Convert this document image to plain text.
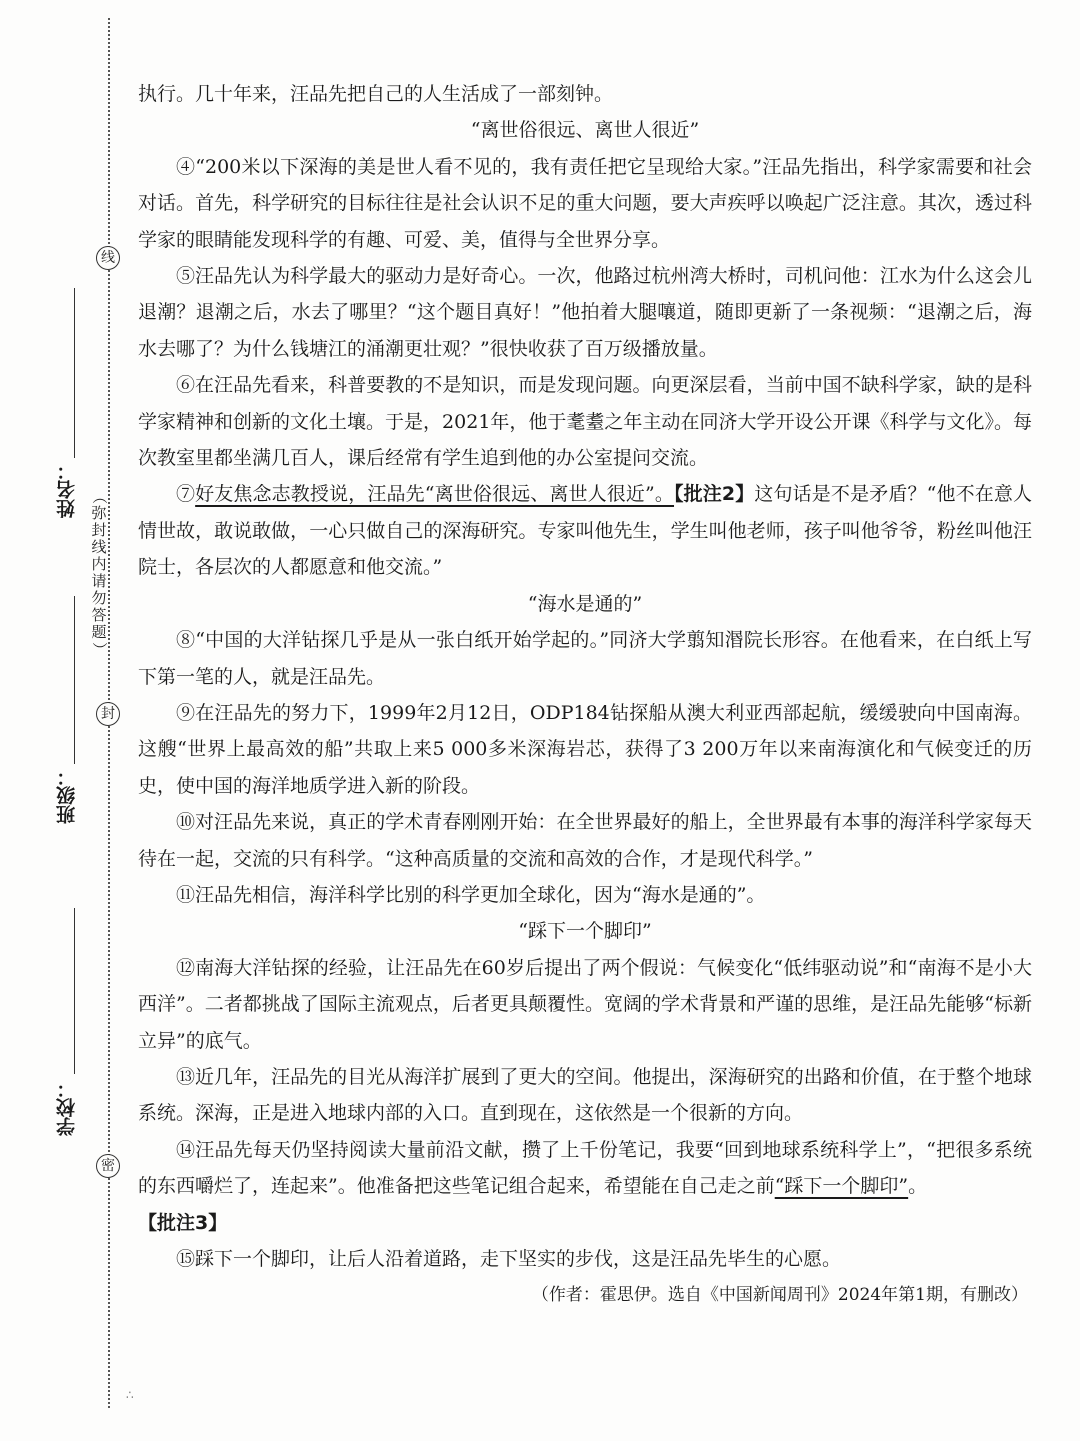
线
封
密
（
弥
封
线
内
请
勿
答
题
）
姓名：
班级：
学校：
∴

执行。几十年来，汪品先把自己的人生活成了一部刻钟。

“离世俗很远、离世人很近”

④“200米以下深海的美是世人看不见的，我有责任把它呈现给大家。”汪品先指出，科学家需要和社会对话。首先，科学研究的目标往往是社会认识不足的重大问题，要大声疾呼以唤起广泛注意。其次，透过科学家的眼睛能发现科学的有趣、可爱、美，值得与全世界分享。

⑤汪品先认为科学最大的驱动力是好奇心。一次，他路过杭州湾大桥时，司机问他：江水为什么这会儿退潮？退潮之后，水去了哪里？“这个题目真好！”他拍着大腿嚷道，随即更新了一条视频：“退潮之后，海水去哪了？为什么钱塘江的涌潮更壮观？”很快收获了百万级播放量。

⑥在汪品先看来，科普要教的不是知识，而是发现问题。向更深层看，当前中国不缺科学家，缺的是科学家精神和创新的文化土壤。于是，2021年，他于耄耋之年主动在同济大学开设公开课《科学与文化》。每次教室里都坐满几百人，课后经常有学生追到他的办公室提问交流。

⑦好友焦念志教授说，汪品先“离世俗很远、离世人很近”。【批注2】这句话是不是矛盾？“他不在意人情世故，敢说敢做，一心只做自己的深海研究。专家叫他先生，学生叫他老师，孩子叫他爷爷，粉丝叫他汪院士，各层次的人都愿意和他交流。”

“海水是通的”

⑧“中国的大洋钻探几乎是从一张白纸开始学起的。”同济大学翦知湣院长形容。在他看来，在白纸上写下第一笔的人，就是汪品先。

⑨在汪品先的努力下，1999年2月12日，ODP184钻探船从澳大利亚西部起航，缓缓驶向中国南海。这艘“世界上最高效的船”共取上来5 000多米深海岩芯，获得了3 200万年以来南海演化和气候变迁的历史，使中国的海洋地质学进入新的阶段。

⑩对汪品先来说，真正的学术青春刚刚开始：在全世界最好的船上，全世界最有本事的海洋科学家每天待在一起，交流的只有科学。“这种高质量的交流和高效的合作，才是现代科学。”

⑪汪品先相信，海洋科学比别的科学更加全球化，因为“海水是通的”。

“踩下一个脚印”

⑫南海大洋钻探的经验，让汪品先在60岁后提出了两个假说：气候变化“低纬驱动说”和“南海不是小大西洋”。二者都挑战了国际主流观点，后者更具颠覆性。宽阔的学术背景和严谨的思维，是汪品先能够“标新立异”的底气。

⑬近几年，汪品先的目光从海洋扩展到了更大的空间。他提出，深海研究的出路和价值，在于整个地球系统。深海，正是进入地球内部的入口。直到现在，这依然是一个很新的方向。

⑭汪品先每天仍坚持阅读大量前沿文献，攒了上千份笔记，我要“回到地球系统科学上”，“把很多系统的东西嚼烂了，连起来”。他准备把这些笔记组合起来，希望能在自己走之前“踩下一个脚印”。

【批注3】

⑮踩下一个脚印，让后人沿着道路，走下坚实的步伐，这是汪品先毕生的心愿。

（作者：霍思伊。选自《中国新闻周刊》2024年第1期，有删改）
